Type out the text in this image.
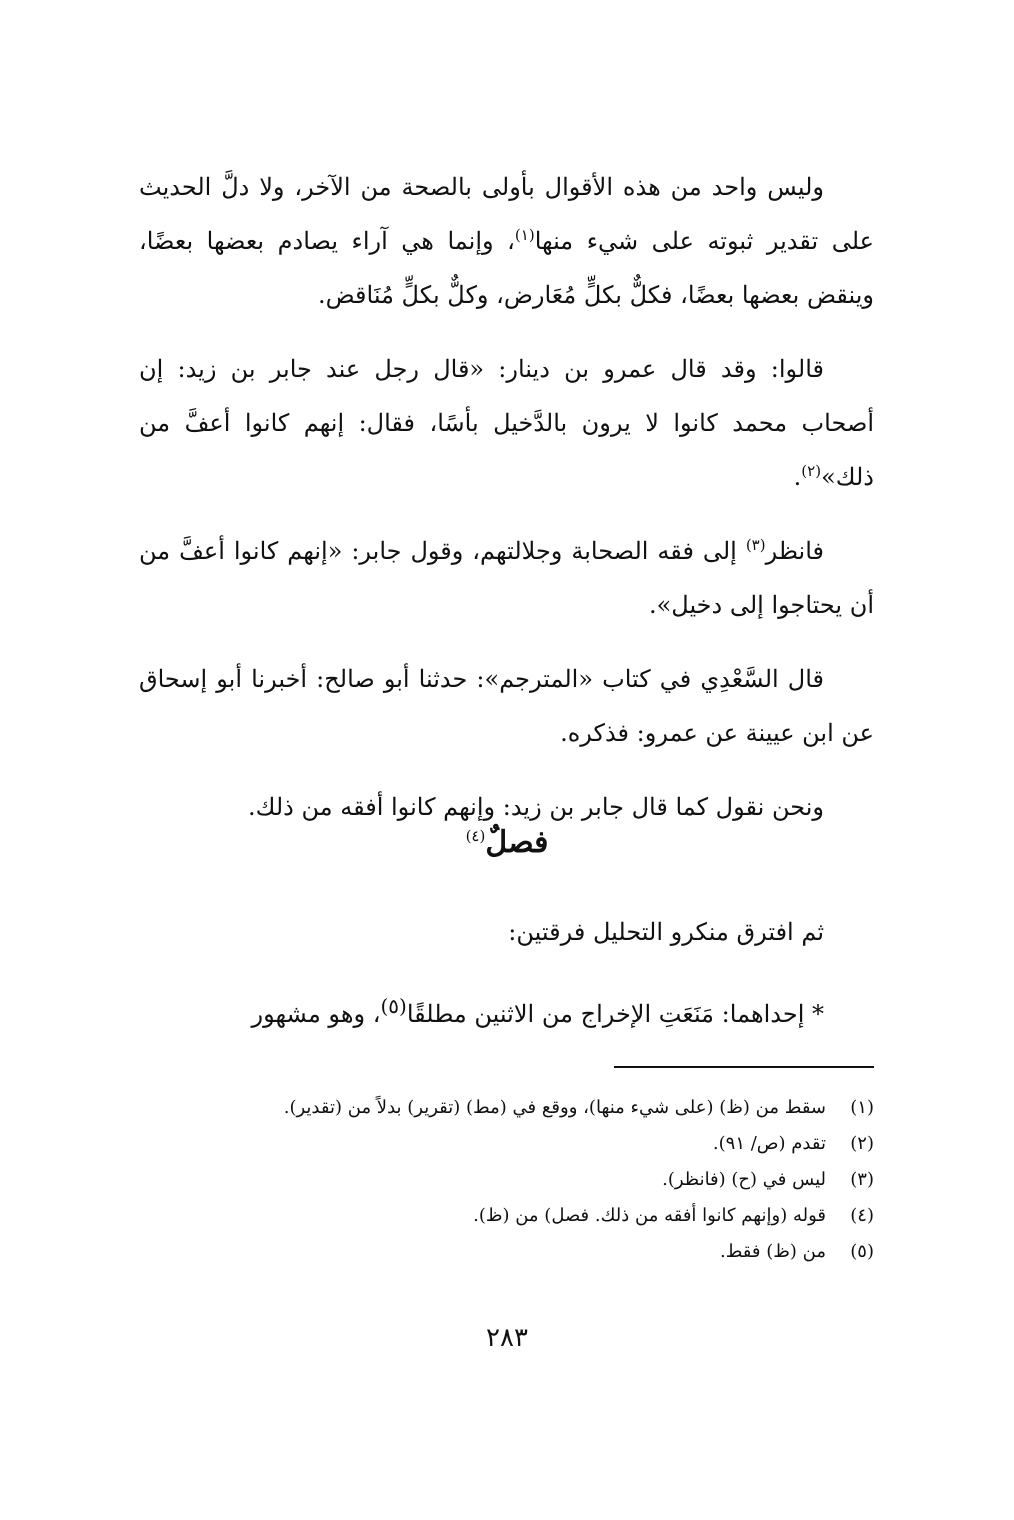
وليس واحد من هذه الأقوال بأولى بالصحة من الآخر، ولا دلَّ الحديث على تقدير ثبوته على شيء منها$^{(١)}$، وإنما هي آراء يصادم بعضها بعضًا، وينقض بعضها بعضًا، فكلٌّ بكلٍّ مُعَارض، وكلٌّ بكلٍّ مُنَاقض.

قالوا: وقد قال عمرو بن دينار: «قال رجل عند جابر بن زيد: إن أصحاب محمد كانوا لا يرون بالدَّخيل بأسًا، فقال: إنهم كانوا أعفَّ من ذلك»$^{(٢)}$.

فانظر$^{(٣)}$ إلى فقه الصحابة وجلالتهم، وقول جابر: «إنهم كانوا أعفَّ من أن يحتاجوا إلى دخيل».

قال السَّعْدِي في كتاب «المترجم»: حدثنا أبو صالح: أخبرنا أبو إسحاق عن ابن عيينة عن عمرو: فذكره.

ونحن نقول كما قال جابر بن زيد: وإنهم كانوا أفقه من ذلك.

فصلٌ$^{(٤)}$

ثم افترق منكرو التحليل فرقتين:

* إحداهما: مَنَعَتِ الإخراج من الاثنين مطلقًا$^{(٥)}$، وهو مشهور

(١)
سقط من (ظ) (على شيء منها)، ووقع في (مط) (تقرير) بدلاً من (تقدير).
(٢)
تقدم (ص/ ٩١).
(٣)
ليس في (ح) (فانظر).
(٤)
قوله (وإنهم كانوا أفقه من ذلك. فصل) من (ظ).
(٥)
من (ظ) فقط.
٢٨٣
